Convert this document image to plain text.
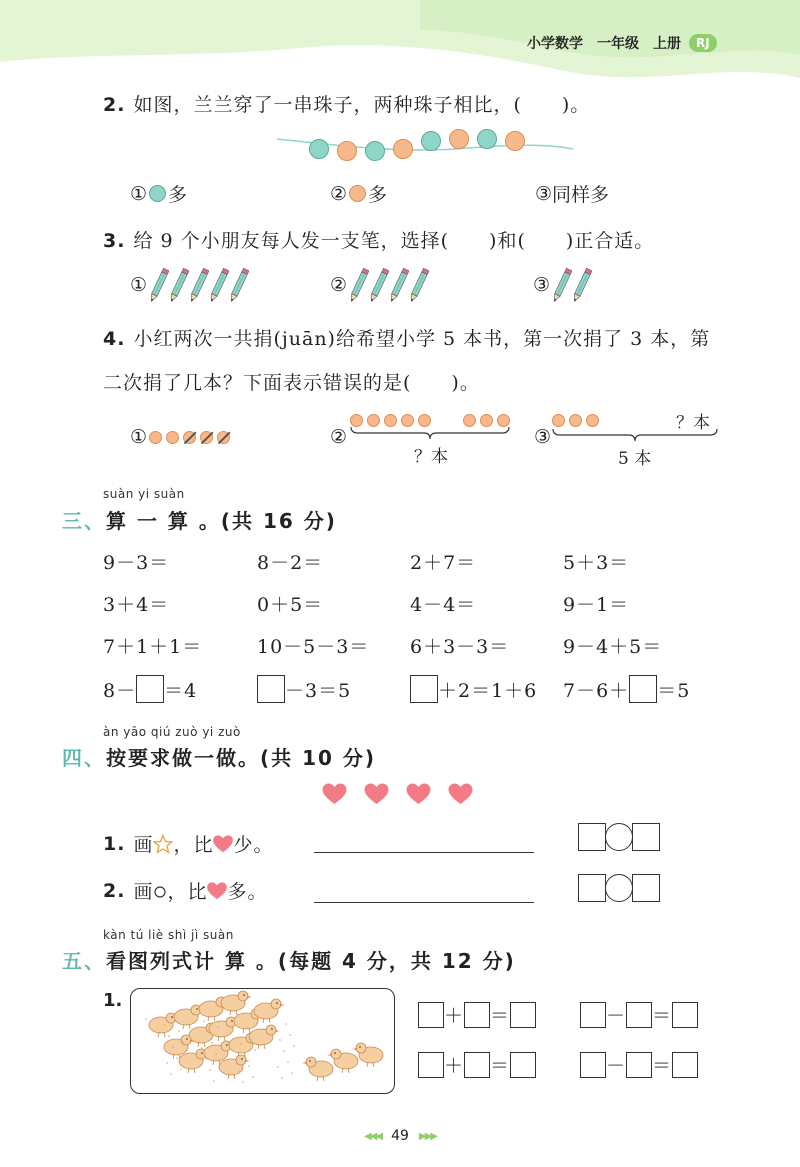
小学数学 一年级 上册	RJ
2. 如图，兰兰穿了一串珠子，两种珠子相比，(　　)。
① 多	② 多	③ 同样多
3. 给 9 个小朋友每人发一支笔，选择(　　)和(　　)正合适。
①	②	③
4. 小红两次一共捐(juān)给希望小学 5 本书，第一次捐了 3 本，第
二次捐了几本？下面表示错误的是(　　)。
①	②
？本
③
？本
5 本
suàn yi suàn
三、算 一 算 。(共 16 分)
9－3＝	8－2＝	2＋7＝	5＋3＝
3＋4＝	0＋5＝	4－4＝	9－1＝
7＋1＋1＝	10－5－3＝ 6＋3－3＝	9－4＋5＝
8－ ＝4	－3＝5	＋2＝1＋6 7－6＋ ＝5
àn yāo qiú zuò yi zuò
四、按要求做一做。(共 10 分)
1. 画 ，比 少。
2. 画 ，比 多。
kàn tú liè shì jì suàn
五、看图列式计 算 。(每题 4 分，共 12 分)
1.
＋ ＝	－ ＝
＋ ＝	－ ＝
◀◀◀ 49 ▶▶▶
